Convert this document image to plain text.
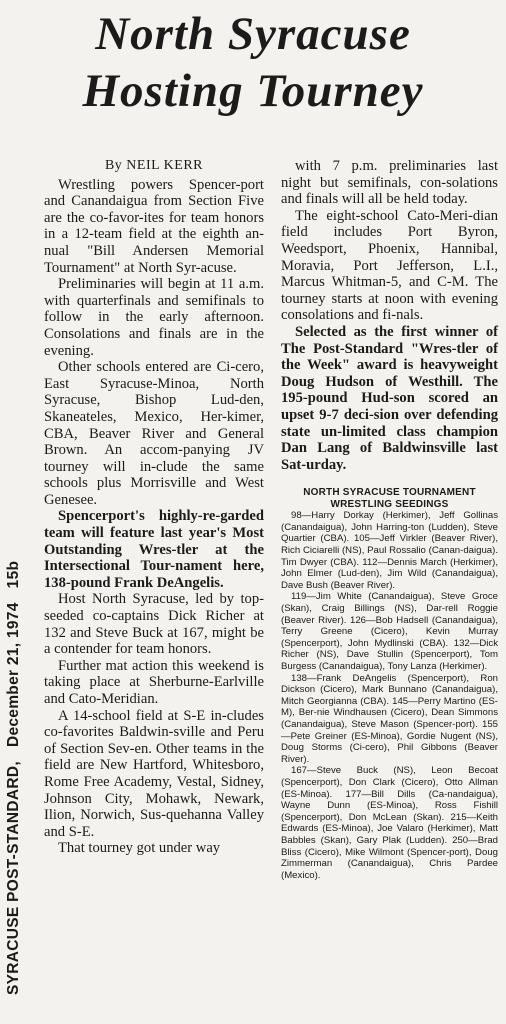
North Syracuse
Hosting Tourney
SYRACUSE POST-STANDARD,December 21, 197415b
By NEIL KERR

Wrestling powers Spencer-port and Canandaigua from Section Five are the co-favor-ites for team honors in a 12-team field at the eighth an-nual "Bill Andersen Memorial Tournament" at North Syr-acuse.

Preliminaries will begin at 11 a.m. with quarterfinals and semifinals to follow in the early afternoon. Consolations and finals are in the evening.

Other schools entered are Ci-cero, East Syracuse-Minoa, North Syracuse, Bishop Lud-den, Skaneateles, Mexico, Her-kimer, CBA, Beaver River and General Brown. An accom-panying JV tourney will in-clude the same schools plus Morrisville and West Genesee.

Spencerport's highly-re-garded team will feature last year's Most Outstanding Wres-tler at the Intersectional Tour-nament here, 138-pound Frank DeAngelis.

Host North Syracuse, led by top-seeded co-captains Dick Richer at 132 and Steve Buck at 167, might be a contender for team honors.

Further mat action this weekend is taking place at Sherburne-Earlville and Cato-Meridian.

A 14-school field at S-E in-cludes co-favorites Baldwin-sville and Peru of Section Sev-en. Other teams in the field are New Hartford, Whitesboro, Rome Free Academy, Vestal, Sidney, Johnson City, Mohawk, Newark, Ilion, Norwich, Sus-quehanna Valley and S-E.

That tourney got under way

with 7 p.m. preliminaries last night but semifinals, con-solations and finals will all be held today.

The eight-school Cato-Meri-dian field includes Port Byron, Weedsport, Phoenix, Hannibal, Moravia, Port Jefferson, L.I., Marcus Whitman-5, and C-M. The tourney starts at noon with evening consolations and fi-nals.

Selected as the first winner of The Post-Standard "Wres-tler of the Week" award is heavyweight Doug Hudson of Westhill. The 195-pound Hud-son scored an upset 9-7 deci-sion over defending state un-limited class champion Dan Lang of Baldwinsville last Sat-urday.

NORTH SYRACUSE TOURNAMENT
WRESTLING SEEDINGS

98—Harry Dorkay (Herkimer), Jeff Gollinas (Canandaigua), John Harring-ton (Ludden), Steve Quartier (CBA). 105—Jeff Virkler (Beaver River), Rich Ciciarelli (NS), Paul Rossalio (Canan-daigua). Tim Dwyer (CBA). 112—Dennis March (Herkimer), John Elmer (Lud-den), Jim Wild (Canandaigua), Dave Bush (Beaver River).

119—Jim White (Canandaigua), Steve Groce (Skan), Craig Billings (NS), Dar-rell Roggie (Beaver River). 126—Bob Hadsell (Canandaigua), Terry Greene (Cicero), Kevin Murray (Spencerport), John Mydlinski (CBA). 132—Dick Richer (NS), Dave Stullin (Spencerport), Tom Burgess (Canandaigua), Tony Lanza (Herkimer).

138—Frank DeAngelis (Spencerport), Ron Dickson (Cicero), Mark Bunnano (Canandaigua), Mitch Georgianna (CBA). 145—Perry Martino (ES-M), Ber-nie Windhausen (Cicero), Dean Simmons (Canandaigua), Steve Mason (Spencer-port). 155—Pete Greiner (ES-Minoa), Gordie Nugent (NS), Doug Storms (Ci-cero), Phil Gibbons (Beaver River).

167—Steve Buck (NS), Leon Becoat (Spencerport), Don Clark (Cicero), Otto Allman (ES-Minoa). 177—Bill Dills (Ca-nandaigua), Wayne Dunn (ES-Minoa), Ross Fishill (Spencerport), Don McLean (Skan). 215—Keith Edwards (ES-Minoa), Joe Valaro (Herkimer), Matt Babbles (Skan), Gary Plak (Ludden). 250—Brad Bliss (Cicero), Mike Wilmont (Spencer-port), Doug Zimmerman (Canandaigua), Chris Pardee (Mexico).
